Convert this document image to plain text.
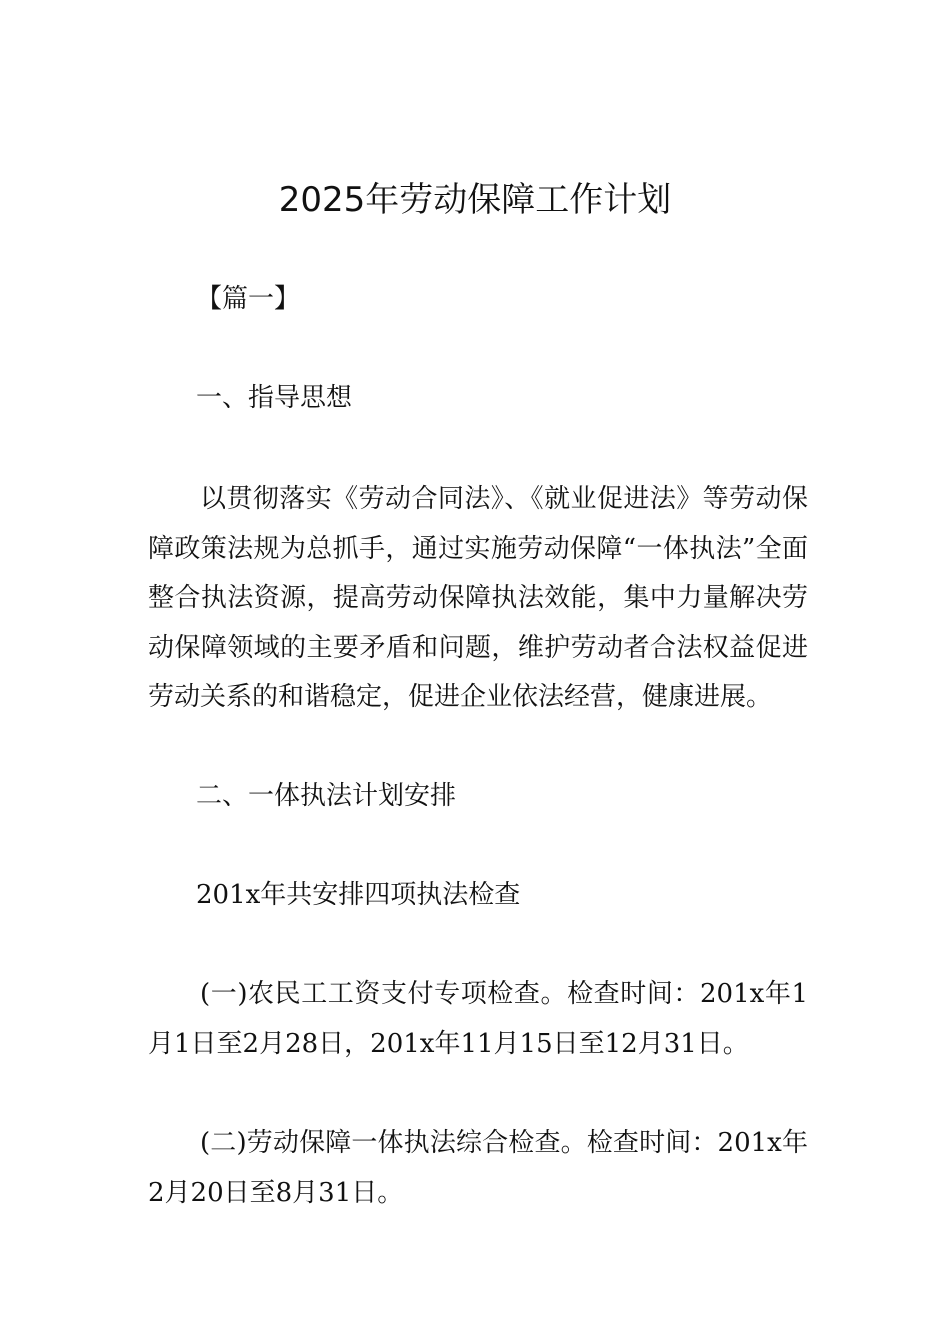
2025年劳动保障工作计划
【篇一】
一、指导思想
以贯彻落实《劳动合同法》、《就业促进法》等劳动保障政策法规为总抓手，通过实施劳动保障“一体执法”全面整合执法资源，提高劳动保障执法效能，集中力量解决劳动保障领域的主要矛盾和问题，维护劳动者合法权益促进劳动关系的和谐稳定，促进企业依法经营，健康进展。
二、一体执法计划安排
201x年共安排四项执法检查
(一)农民工工资支付专项检查。检查时间：201x年1月1日至2月28日，201x年11月15日至12月31日。
(二)劳动保障一体执法综合检查。检查时间：201x年2月20日至8月31日。
